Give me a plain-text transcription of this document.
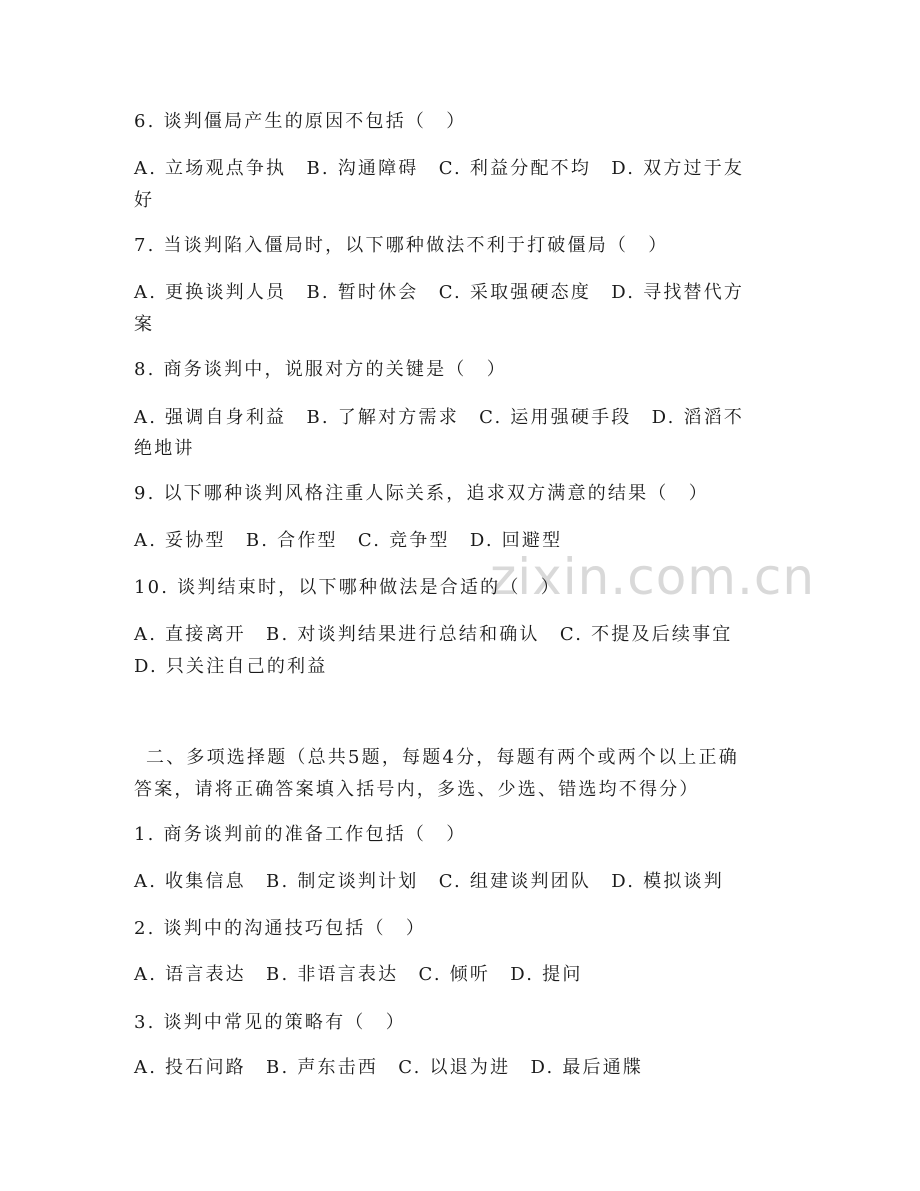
zixin.com.cn
6. 谈判僵局产生的原因不包括（　）
A. 立场观点争执　B. 沟通障碍　C. 利益分配不均　D. 双方过于友
好
7. 当谈判陷入僵局时，以下哪种做法不利于打破僵局（　）
A. 更换谈判人员　B. 暂时休会　C. 采取强硬态度　D. 寻找替代方
案
8. 商务谈判中，说服对方的关键是（　）
A. 强调自身利益　B. 了解对方需求　C. 运用强硬手段　D. 滔滔不
绝地讲
9. 以下哪种谈判风格注重人际关系，追求双方满意的结果（　）
A. 妥协型　B. 合作型　C. 竞争型　D. 回避型
10. 谈判结束时，以下哪种做法是合适的（　）
A. 直接离开　B. 对谈判结果进行总结和确认　C. 不提及后续事宜
D. 只关注自己的利益
二、多项选择题（总共5题，每题4分，每题有两个或两个以上正确
答案，请将正确答案填入括号内，多选、少选、错选均不得分）
1. 商务谈判前的准备工作包括（　）
A. 收集信息　B. 制定谈判计划　C. 组建谈判团队　D. 模拟谈判
2. 谈判中的沟通技巧包括（　）
A. 语言表达　B. 非语言表达　C. 倾听　D. 提问
3. 谈判中常见的策略有（　）
A. 投石问路　B. 声东击西　C. 以退为进　D. 最后通牒
